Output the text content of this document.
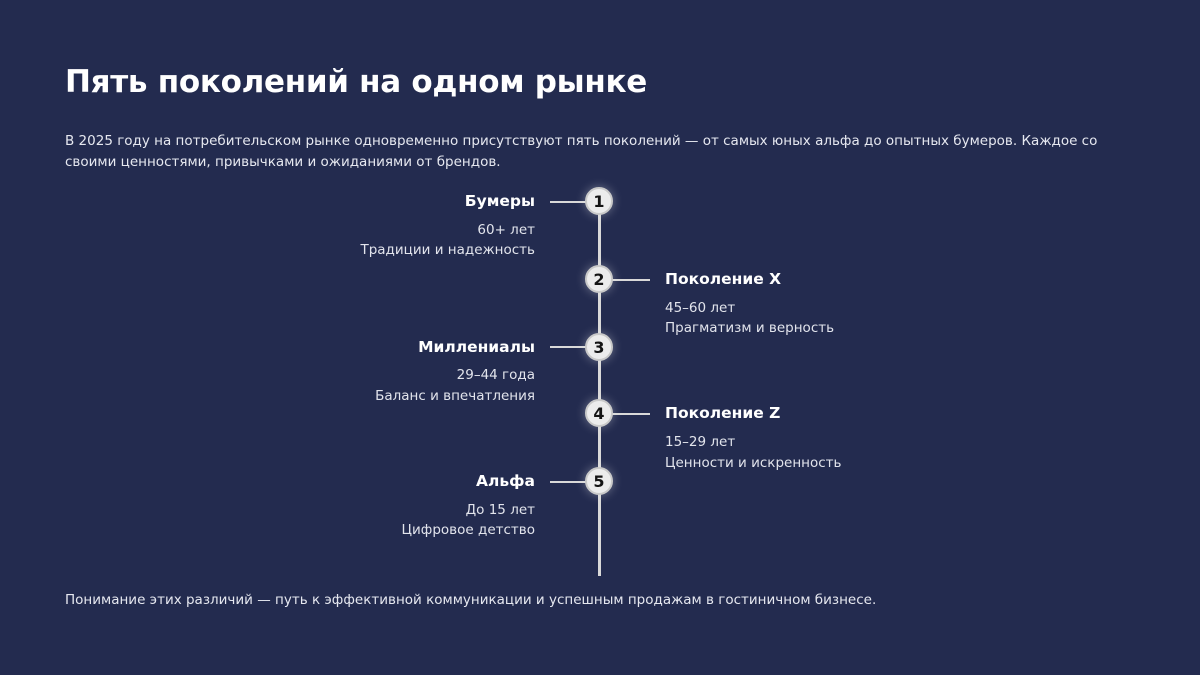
Пять поколений на одном рынке

В 2025 году на потребительском рынке одновременно присутствуют пять поколений — от самых юных альфа до опытных бумеров. Каждое со своими ценностями, привычками и ожиданиями от брендов.

1
Бумеры
60+ лет
Традиции и надежность
2	Поколение X
45–60 лет
Прагматизм и верность
3
Миллениалы
29–44 года
Баланс и впечатления
4	Поколение Z
15–29 лет
Ценности и искренность
5
Альфа
До 15 лет
Цифровое детство

Понимание этих различий — путь к эффективной коммуникации и успешным продажам в гостиничном бизнесе.
